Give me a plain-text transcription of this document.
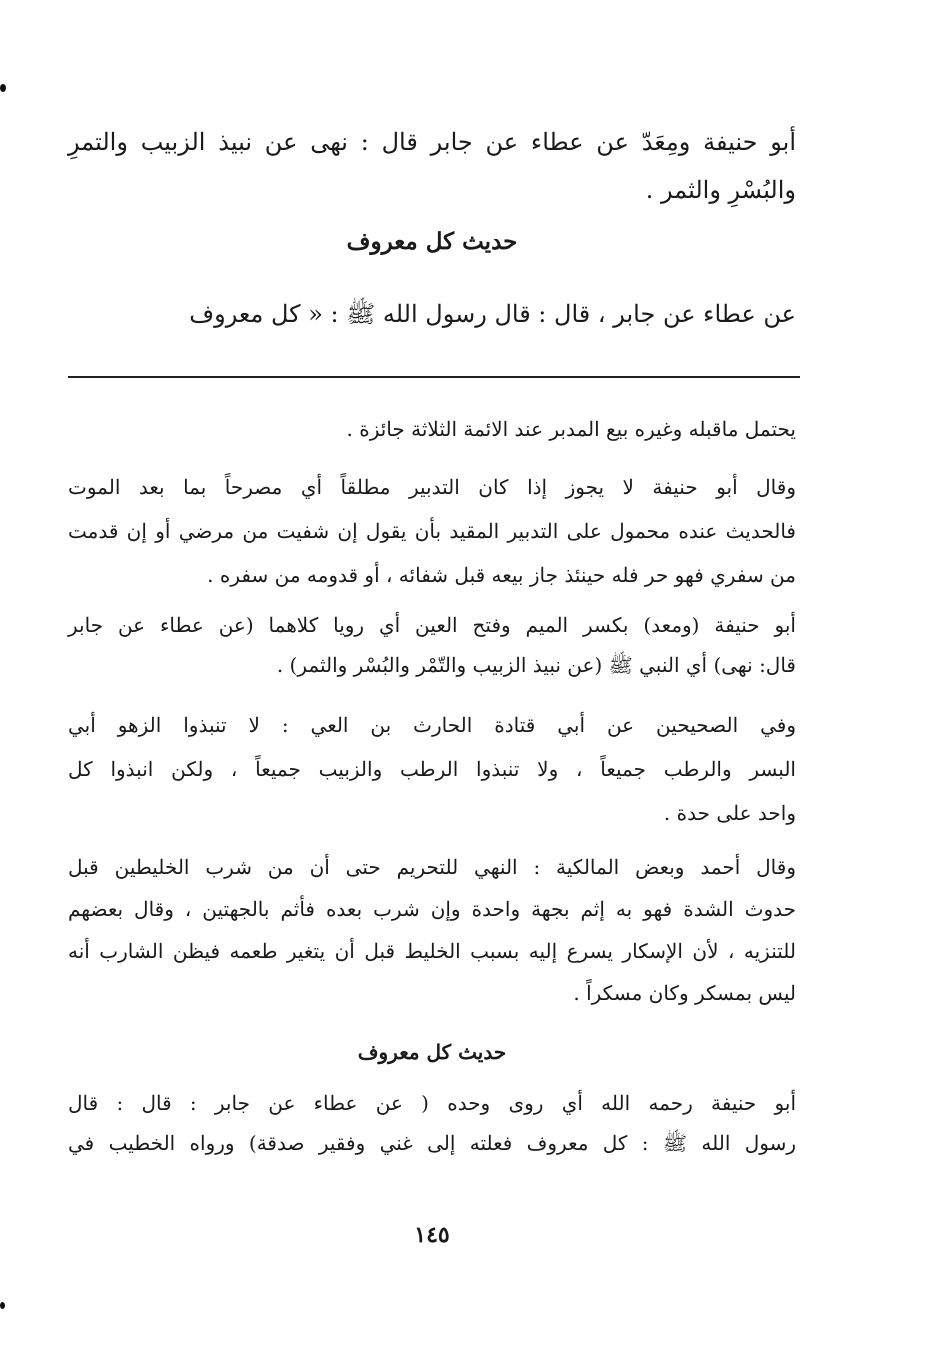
أبو حنيفة ومِعَدّ عن عطاء عن جابر قال : نهى عن نبيذ الزبيب والتمرِ
والبُسْرِ والثمر .
حديث كل معروف
عن عطاء عن جابر ، قال : قال رسول الله ﷺ : « كل معروف
يحتمل ماقبله وغيره بيع المدبر عند الائمة الثلاثة جائزة .
وقال أبو حنيفة لا يجوز إذا كان التدبير مطلقاً أي مصرحاً بما بعد الموت
فالحديث عنده محمول على التدبير المقيد بأن يقول إن شفيت من مرضي أو إن قدمت
من سفري فهو حر فله حينئذ جاز بيعه قبل شفائه ، أو قدومه من سفره .
أبو حنيفة (ومعد) بكسر الميم وفتح العين أي رويا كلاهما (عن عطاء عن جابر
قال: نهى) أي النبي ﷺ (عن نبيذ الزبيب والتّمْر والبُسْر والثمر) .
وفي الصحيحين عن أبي قتادة الحارث بن العي : لا تنبذوا الزهو أبي
البسر والرطب جميعاً ، ولا تنبذوا الرطب والزبيب جميعاً ، ولكن انبذوا كل
واحد على حدة .
وقال أحمد وبعض المالكية : النهي للتحريم حتى أن من شرب الخليطين قبل
حدوث الشدة فهو به إثم بجهة واحدة وإن شرب بعده فأثم بالجهتين ، وقال بعضهم
للتنزيه ، لأن الإسكار يسرع إليه بسبب الخليط قبل أن يتغير طعمه فيظن الشارب أنه
ليس بمسكر وكان مسكراً .
حديث كل معروف
أبو حنيفة رحمه الله أي روى وحده ( عن عطاء عن جابر : قال : قال
رسول الله ﷺ : كل معروف فعلته إلى غني وفقير صدقة) ورواه الخطيب في
١٤٥
